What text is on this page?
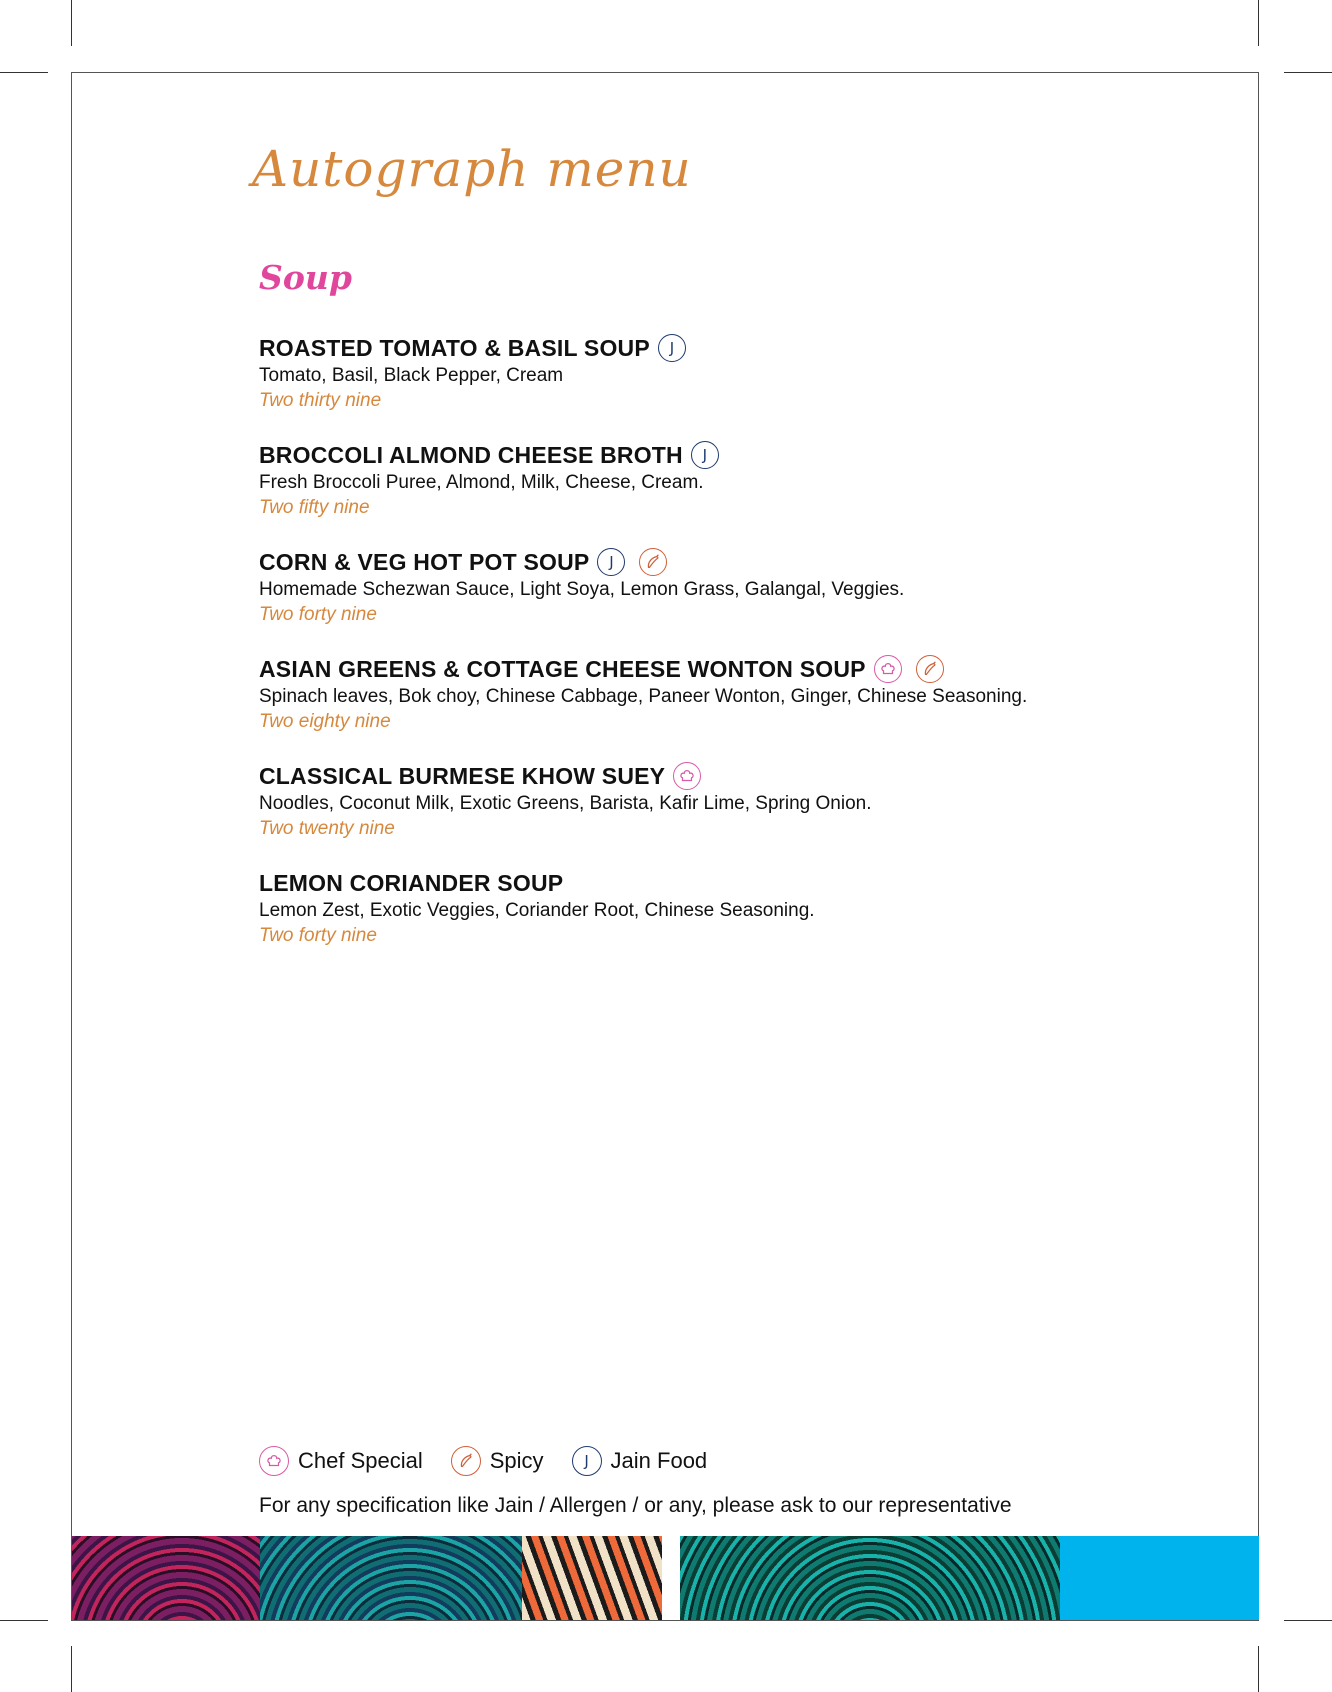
Autograph menu
Soup
ROASTED TOMATO & BASIL SOUP	J
Tomato, Basil, Black Pepper, Cream
Two thirty nine
BROCCOLI ALMOND CHEESE BROTH	J
Fresh Broccoli Puree, Almond, Milk, Cheese, Cream.
Two fifty nine
CORN & VEG HOT POT SOUP	J
Homemade Schezwan Sauce, Light Soya, Lemon Grass, Galangal, Veggies.
Two forty nine
ASIAN GREENS & COTTAGE CHEESE WONTON SOUP
Spinach leaves, Bok choy, Chinese Cabbage, Paneer Wonton, Ginger, Chinese Seasoning.
Two eighty nine
CLASSICAL BURMESE KHOW SUEY
Noodles, Coconut Milk, Exotic Greens, Barista, Kafir Lime, Spring Onion.
Two twenty nine
LEMON CORIANDER SOUP
Lemon Zest, Exotic Veggies, Coriander Root, Chinese Seasoning.
Two forty nine
Chef Special	Spicy	J Jain Food
For any specification like Jain / Allergen / or any, please ask to our representative
